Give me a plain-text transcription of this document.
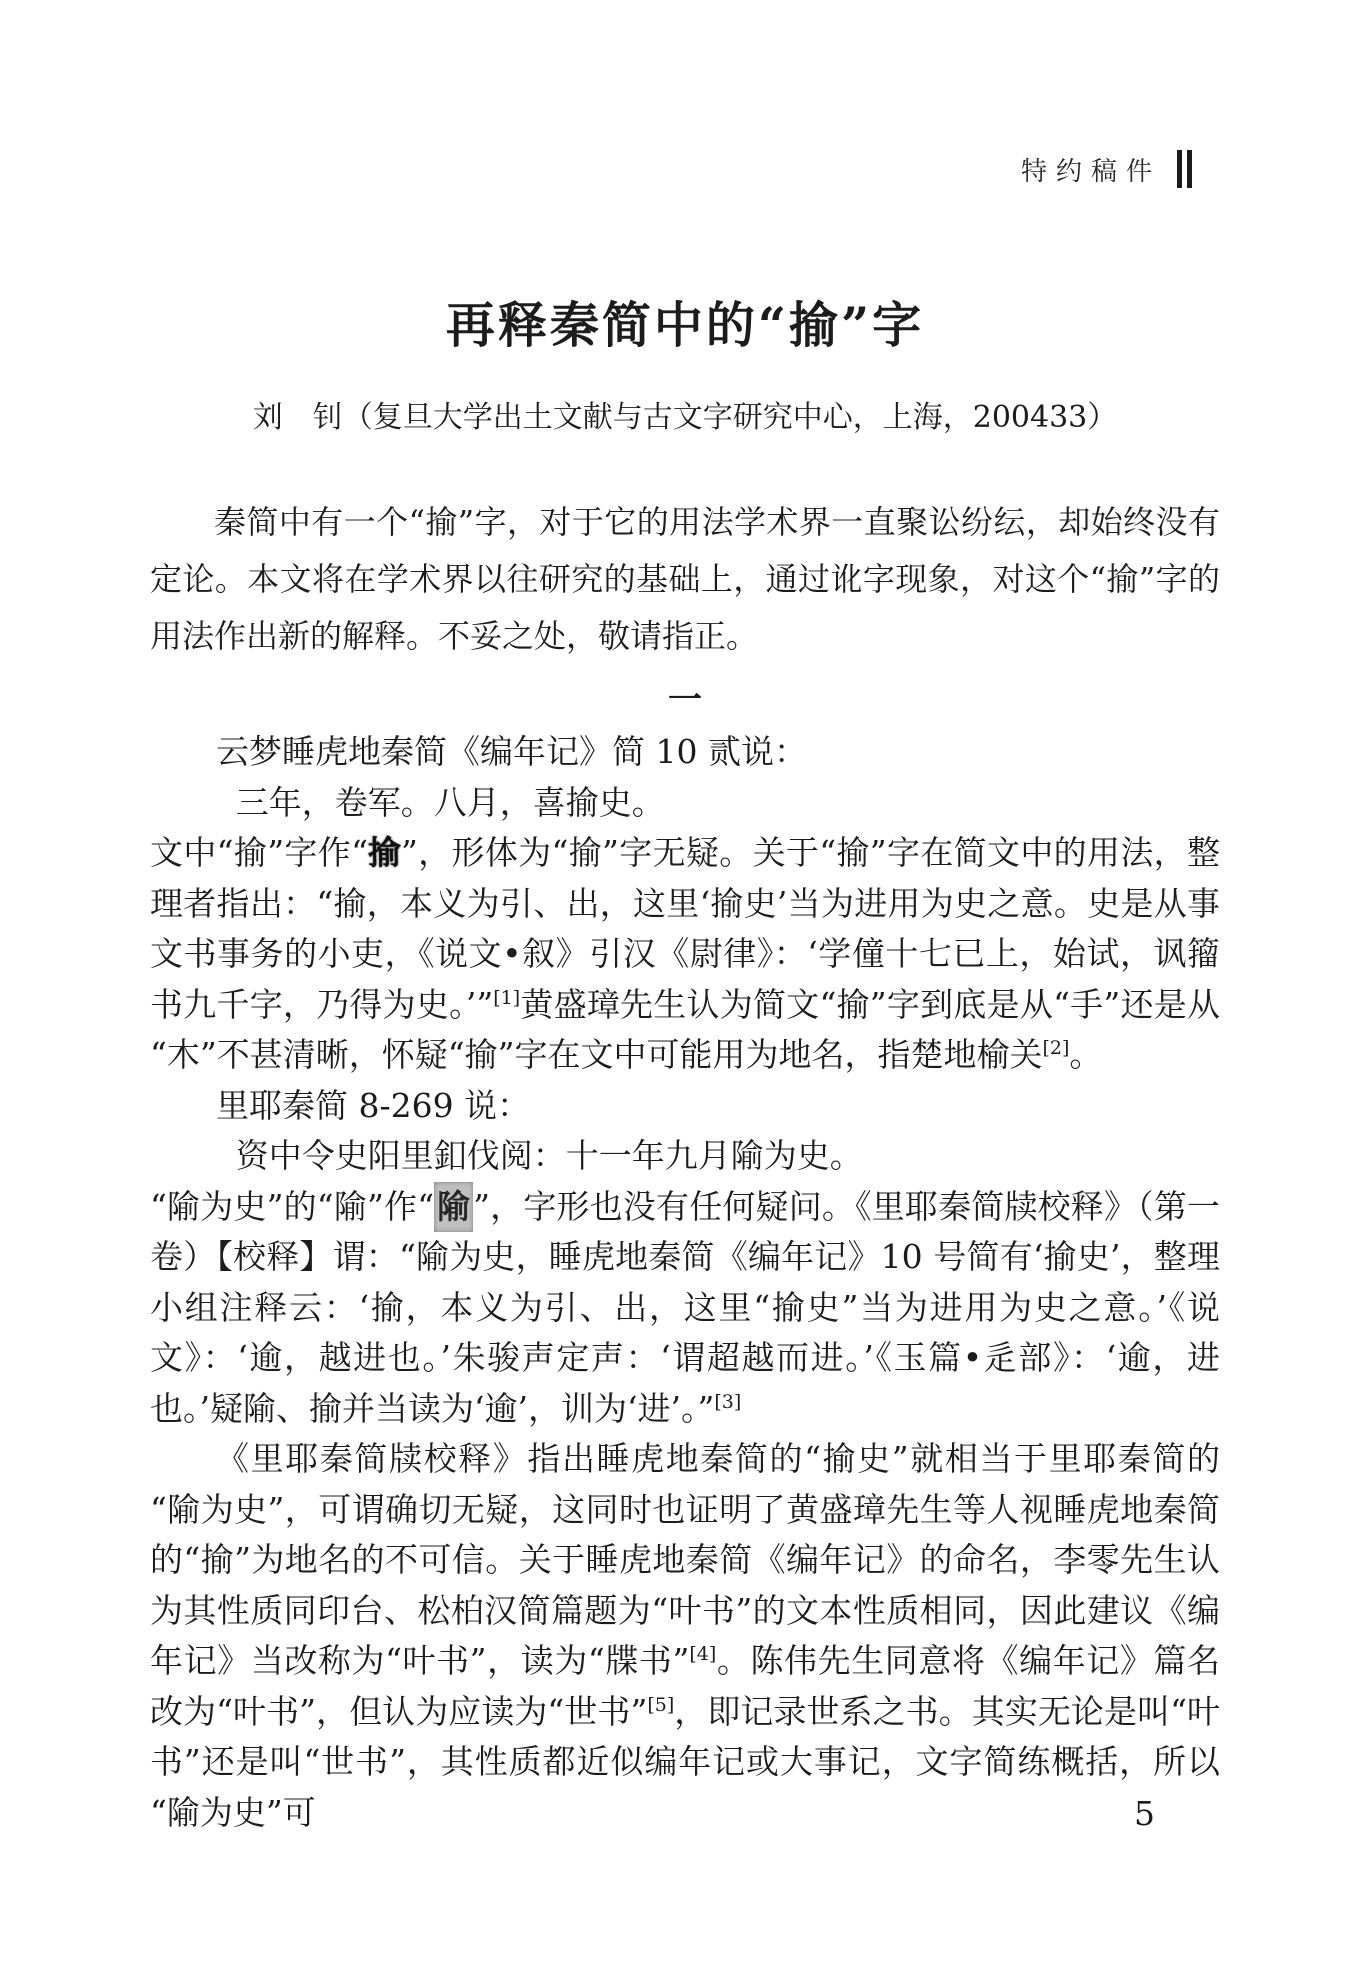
特约稿件
再释秦简中的“揄”字
刘　钊（复旦大学出土文献与古文字研究中心，上海，200433）

秦简中有一个“揄”字，对于它的用法学术界一直聚讼纷纭，却始终没有定论。本文将在学术界以往研究的基础上，通过讹字现象，对这个“揄”字的用法作出新的解释。不妥之处，敬请指正。

一

云梦睡虎地秦简《编年记》简 10 贰说：

三年，卷军。八月，喜揄史。

文中“揄”字作“揄”，形体为“揄”字无疑。关于“揄”字在简文中的用法，整理者指出：“揄，本义为引、出，这里‘揄史’当为进用为史之意。史是从事文书事务的小吏，《说文•叙》引汉《尉律》：‘学僮十七已上，始试，讽籀书九千字，乃得为史。’”[1]黄盛璋先生认为简文“揄”字到底是从“手”还是从“木”不甚清晰，怀疑“揄”字在文中可能用为地名，指楚地榆关[2]。

里耶秦简 8-269 说：

资中令史阳里釦伐阅：十一年九月隃为史。

“隃为史”的“隃”作“隃”，字形也没有任何疑问。《里耶秦简牍校释》（第一卷）【校释】谓：“隃为史，睡虎地秦简《编年记》10 号简有‘揄史’，整理小组注释云：‘揄，本义为引、出，这里“揄史”当为进用为史之意。’《说文》：‘逾，越进也。’朱骏声定声：‘谓超越而进。’《玉篇•辵部》：‘逾，进也。’疑隃、揄并当读为‘逾’，训为‘进’。”[3]

《里耶秦简牍校释》指出睡虎地秦简的“揄史”就相当于里耶秦简的“隃为史”，可谓确切无疑，这同时也证明了黄盛璋先生等人视睡虎地秦简的“揄”为地名的不可信。关于睡虎地秦简《编年记》的命名，李零先生认为其性质同印台、松柏汉简篇题为“叶书”的文本性质相同，因此建议《编年记》当改称为“叶书”，读为“牒书”[4]。陈伟先生同意将《编年记》篇名改为“叶书”，但认为应读为“世书”[5]，即记录世系之书。其实无论是叫“叶书”还是叫“世书”，其性质都近似编年记或大事记，文字简练概括，所以“隃为史”可	5
